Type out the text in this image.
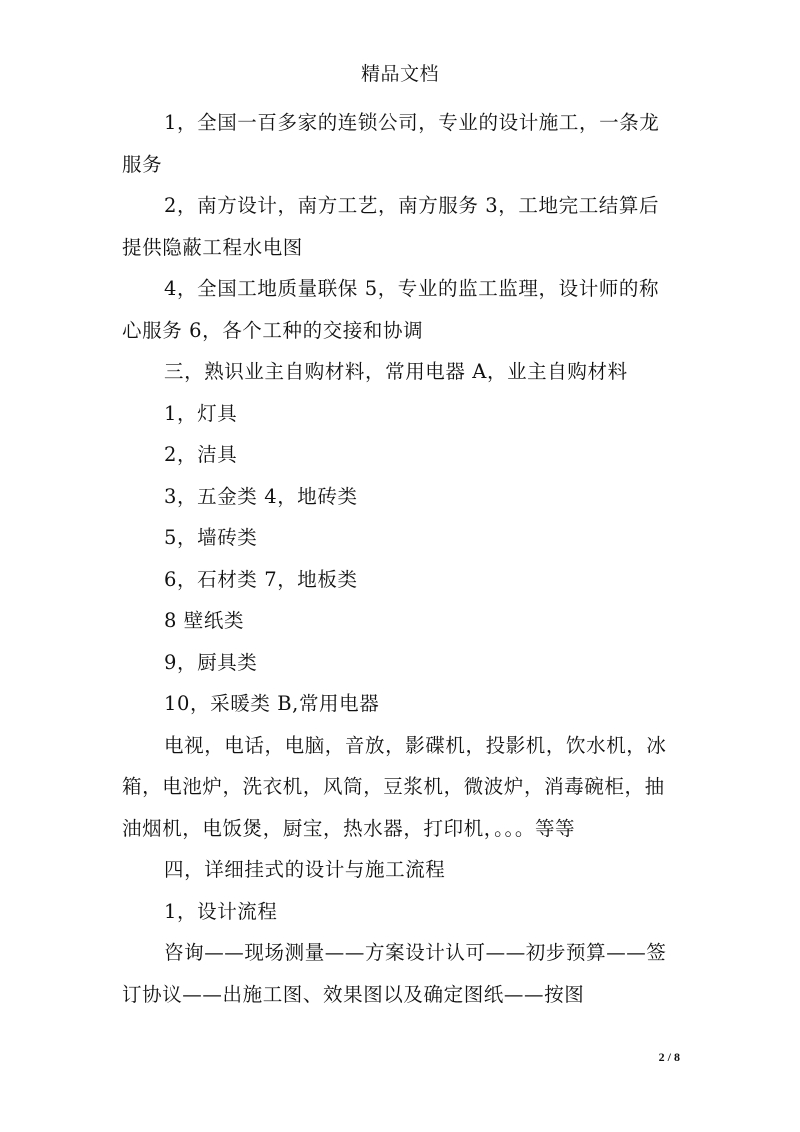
精品文档

1，全国一百多家的连锁公司，专业的设计施工，一条龙服务

2，南方设计，南方工艺，南方服务 3，工地完工结算后提供隐蔽工程水电图

4，全国工地质量联保 5，专业的监工监理，设计师的称心服务 6，各个工种的交接和协调

三，熟识业主自购材料，常用电器 A，业主自购材料

1，灯具

2，洁具

3，五金类 4，地砖类

5，墙砖类

6，石材类 7，地板类

8 壁纸类

9，厨具类

10，采暖类 B,常用电器

电视，电话，电脑，音放，影碟机，投影机，饮水机，冰箱，电池炉，洗衣机，风筒，豆浆机，微波炉，消毒碗柜，抽油烟机，电饭煲，厨宝，热水器，打印机，。。。等等

四，详细挂式的设计与施工流程

1，设计流程

咨询——现场测量——方案设计认可——初步预算——签订协议——出施工图、效果图以及确定图纸——按图

2 / 8
